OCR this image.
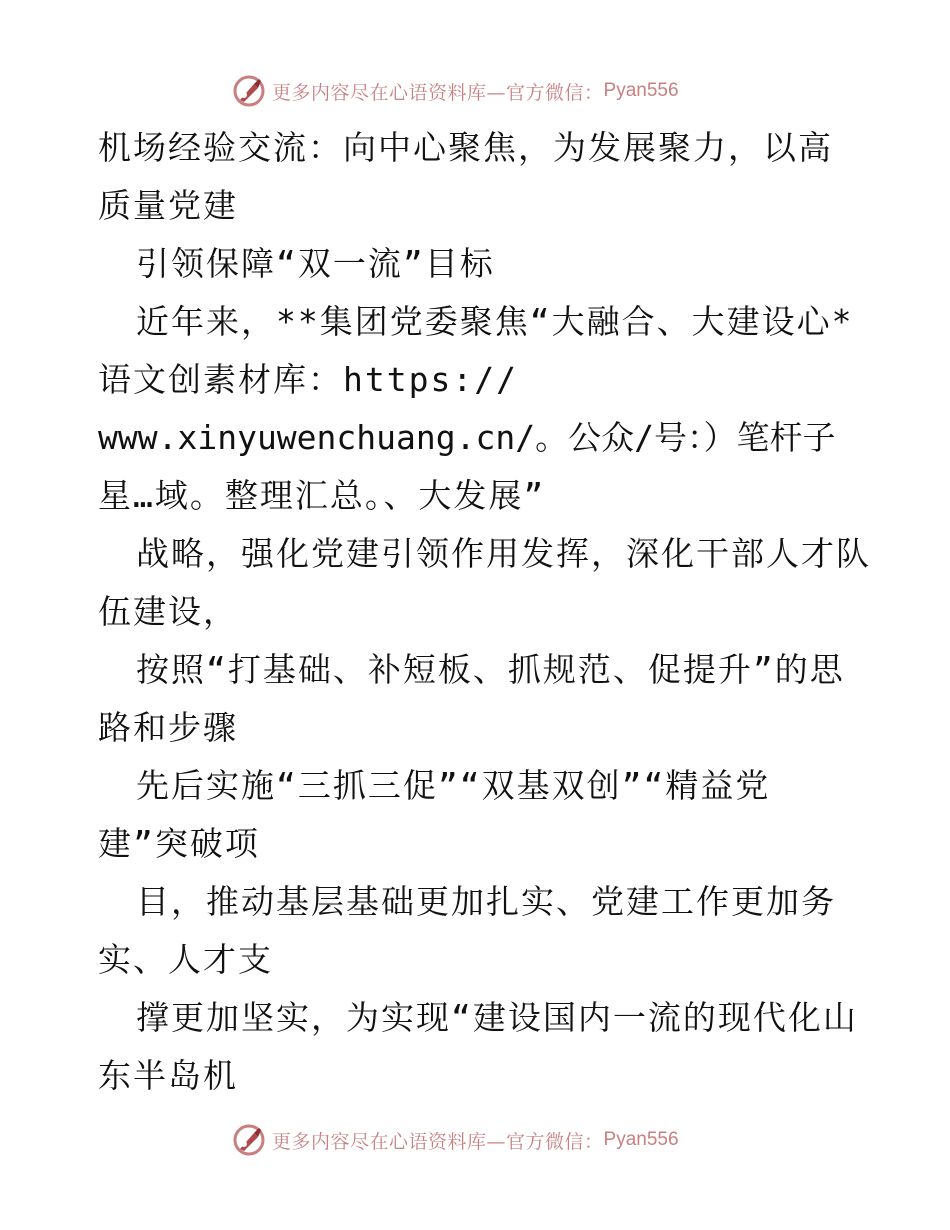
更多内容尽在心语资料库—官方微信： Pyan556
机场经验交流：向中心聚焦，为发展聚力，以高
质量党建
引领保障“双一流”目标
近年来，**集团党委聚焦“大融合、大建设心*
语文创素材库：https://
www.xinyuwenchuang.cn/。公众/号：）笔杆子
星…域。整理汇总。、大发展”
战略，强化党建引领作用发挥，深化干部人才队
伍建设，
按照“打基础、补短板、抓规范、促提升”的思
路和步骤
先后实施“三抓三促”“双基双创”“精益党
建”突破项
目，推动基层基础更加扎实、党建工作更加务
实、人才支
撑更加坚实，为实现“建设国内一流的现代化山
东半岛机
更多内容尽在心语资料库—官方微信： Pyan556
